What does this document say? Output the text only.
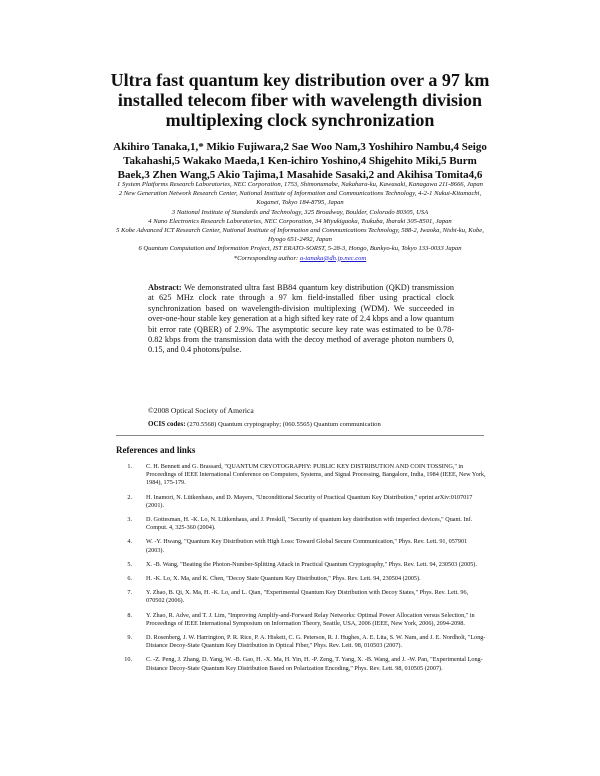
Ultra fast quantum key distribution over a 97 km installed telecom fiber with wavelength division multiplexing clock synchronization
Akihiro Tanaka,1,* Mikio Fujiwara,2 Sae Woo Nam,3 Yoshihiro Nambu,4 Seigo Takahashi,5 Wakako Maeda,1 Ken-ichiro Yoshino,4 Shigehito Miki,5 Burm Baek,3 Zhen Wang,5 Akio Tajima,1 Masahide Sasaki,2 and Akihisa Tomita4,6
1 System Platforms Research Laboratories, NEC Corporation, 1753, Shimonumabe, Nakahara-ku, Kawasaki, Kanagawa 211-8666, Japan
2 New Generation Network Research Center, National Institute of Information and Communications Technology, 4-2-1 Nukui-Kitamachi, Koganei, Tokyo 184-8795, Japan
3 National Institute of Standards and Technology, 325 Broadway, Boulder, Colorado 80305, USA
4 Nano Electronics Research Laboratories, NEC Corporation, 34 Miyukigaoka, Tsukuba, Ibaraki 305-8501, Japan
5 Kobe Advanced ICT Research Center, National Institute of Information and Communications Technology, 588-2, Iwaoka, Nishi-ku, Kobe, Hyogo 651-2492, Japan
6 Quantum Computation and Information Project, IST ERATO-SORST, 5-28-3, Hongo, Bunkyo-ku, Tokyo 133-0033 Japan
*Corresponding author: a-tanaka@dh.jp.nec.com
Abstract: We demonstrated ultra fast BB84 quantum key distribution (QKD) transmission at 625 MHz clock rate through a 97 km field-installed fiber using practical clock synchronization based on wavelength-division multiplexing (WDM). We succeeded in over-one-hour stable key generation at a high sifted key rate of 2.4 kbps and a low quantum bit error rate (QBER) of 2.9%. The asymptotic secure key rate was estimated to be 0.78-0.82 kbps from the transmission data with the decoy method of average photon numbers 0, 0.15, and 0.4 photons/pulse.
©2008 Optical Society of America
OCIS codes: (270.5568) Quantum cryptography; (060.5565) Quantum communication
References and links
1.	C. H. Bennett and G. Brassard, "QUANTUM CRYOTOGRAPHY: PUBLIC KEY DISTRIBUTION AND COIN TOSSING," in Proceedings of IEEE International Conference on Computers, Systems, and Signal Processing, Bangalore, India, 1984 (IEEE, New York, 1984), 175-179.
2.	H. Inamori, N. Lütkenhaus, and D. Mayers, "Unconditional Security of Practical Quantum Key Distribution," eprint arXiv:0107017 (2001).
3.	D. Gottesman, H. -K. Lo, N. Lütkenhaus, and J. Preskill, "Security of quantum key distribution with imperfect devices," Quant. Inf. Comput. 4, 325-360 (2004).
4.	W. -Y. Hwang, "Quantum Key Distribution with High Loss: Toward Global Secure Communication," Phys. Rev. Lett. 91, 057901 (2003).
5.	X. -B. Wang, "Beating the Photon-Number-Splitting Attack in Practical Quantum Cryptography," Phys. Rev. Lett. 94, 230503 (2005).
6.	H. -K. Lo, X. Ma, and K. Chen, "Decoy State Quantum Key Distribution," Phys. Rev. Lett. 94, 230504 (2005).
7.	Y. Zhao, B. Qi, X. Ma, H. -K. Lo, and L. Qian, "Experimental Quantum Key Distribution with Decoy States," Phys. Rev. Lett. 96, 070502 (2006).
8.	Y. Zhao, R. Adve, and T. J. Lim, "Improving Amplify-and-Forward Relay Networks: Optimal Power Allocation versus Selection," in Proceedings of IEEE International Symposium on Information Theory, Seattle, USA, 2006 (IEEE, New York, 2006), 2094-2098.
9.	D. Rosenberg, J. W. Harrington, P. R. Rice, P. A. Hiskett, C. G. Peterson, R. J. Hughes, A. E. Lita, S. W. Nam, and J. E. Nordholt, "Long-Distance Decoy-State Quantum Key Distribution in Optical Fiber," Phys. Rev. Lett. 98, 010503 (2007).
10.	C. -Z. Peng, J. Zhang, D. Yang, W. -B. Gao, H. -X. Ma, H. Yin, H. -P. Zeng, T. Yang, X. -B. Wang, and J. -W. Pan, "Experimental Long-Distance Decoy-State Quantum Key Distribution Based on Polarization Encoding," Phys. Rev. Lett. 98, 010505 (2007).
